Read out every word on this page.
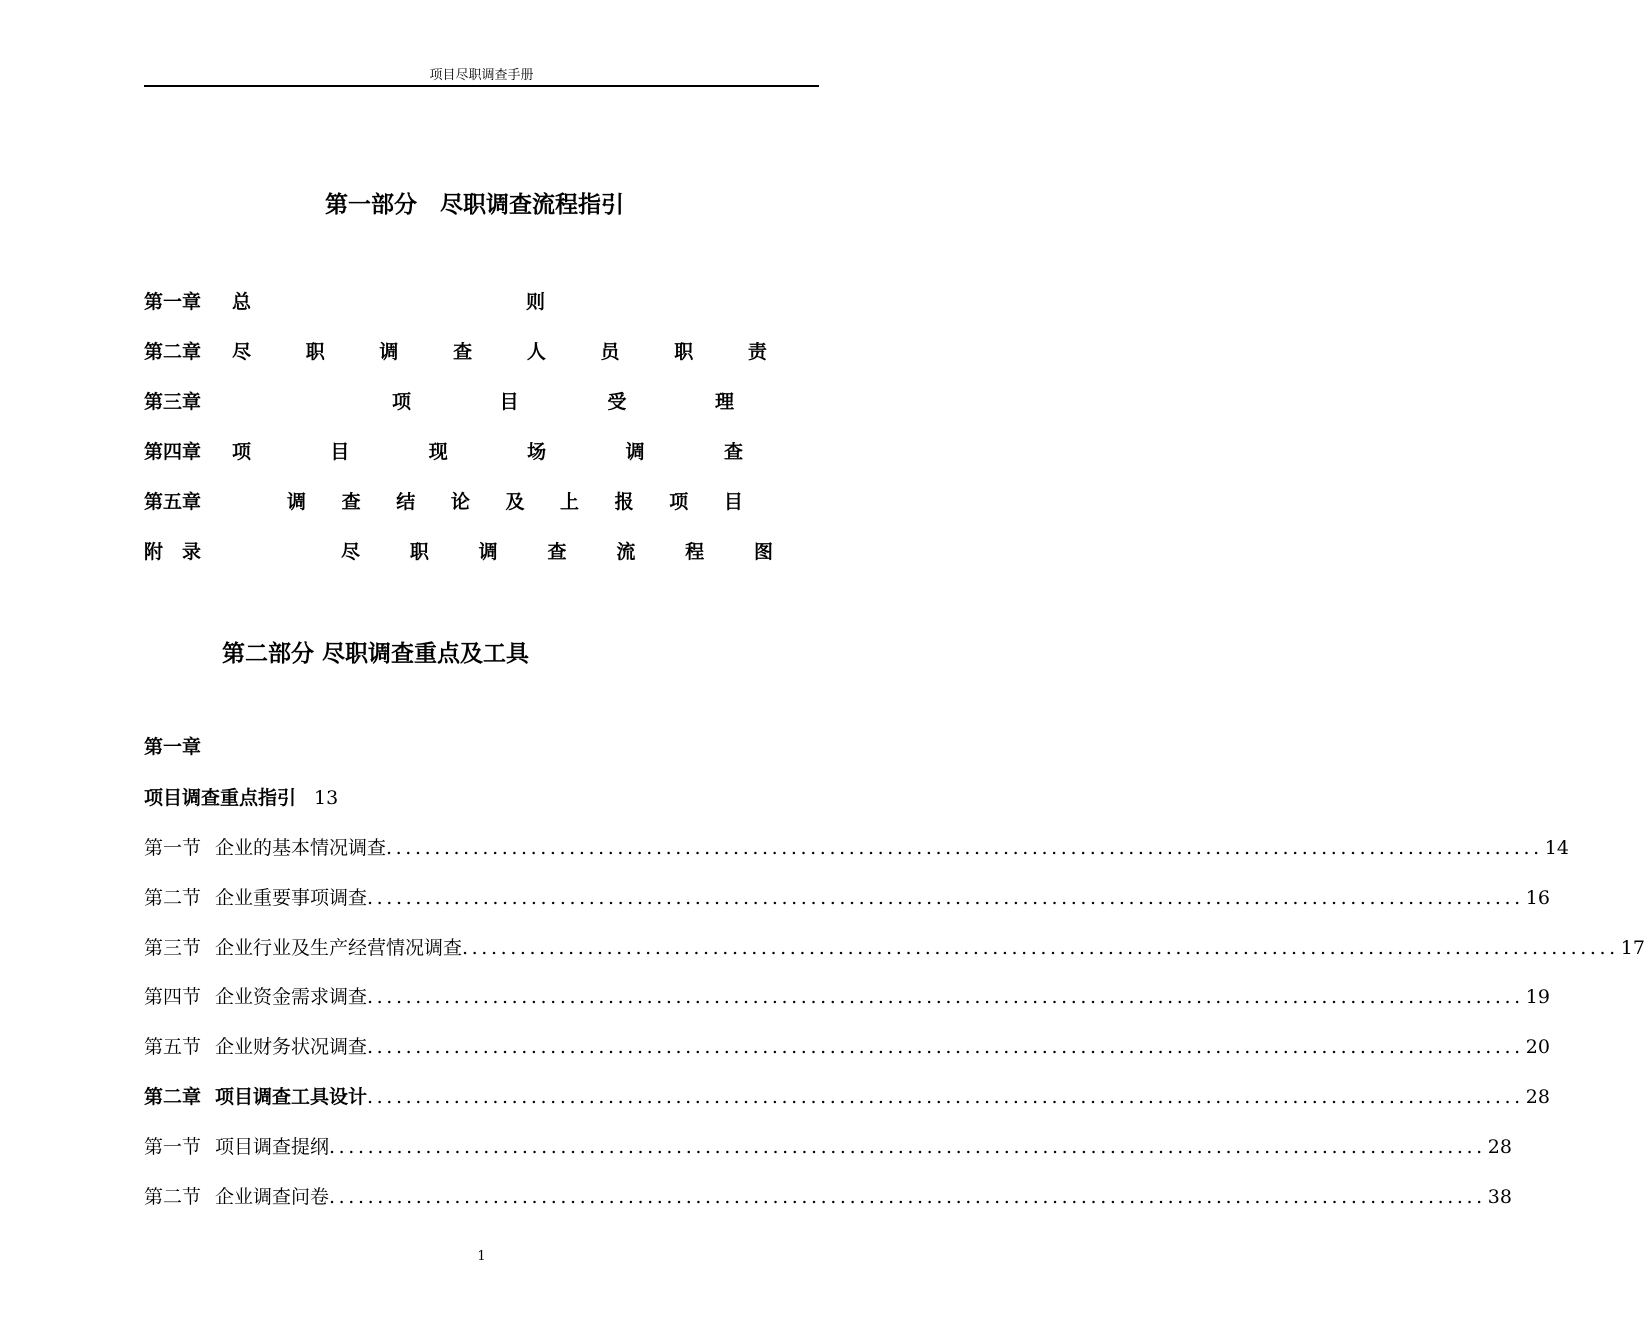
项目尽职调查手册
第一部分　尽职调查流程指引
第一章	总	则
第二章	尽	职	调	查	人	员	职	责
第三章	项	目	受	理
第四章	项	目	现	场	调	查
第五章	调 查 结 论 及 上 报 项 目
附　录	尽	职	调	查	流	程	图
第二部分 尽职调查重点及工具
第一章
项目调查重点指引 13
第一节 企业的基本情况调查 ........................................................................................................................ 14
第二节 企业重要事项调查 ........................................................................................................................ 16
第三节 企业行业及生产经营情况调查 ........................................................................................................................ 17
第四节 企业资金需求调查 ........................................................................................................................ 19
第五节 企业财务状况调查 ........................................................................................................................ 20
第二章 项目调查工具设计 ........................................................................................................................ 28
第一节 项目调查提纲 ........................................................................................................................ 28
第二节 企业调查问卷 ........................................................................................................................ 38
1
